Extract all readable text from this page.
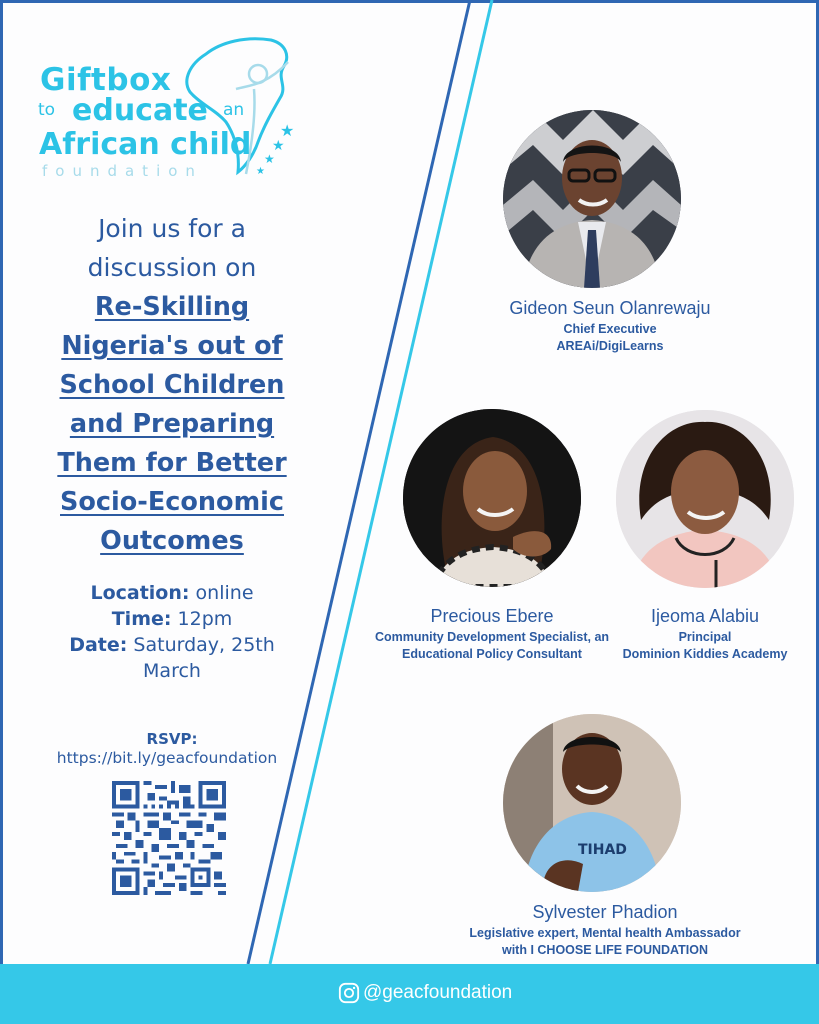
★
★
★
★
Giftbox
to educate an
African child
foundation
Join us for a
discussion on
Re-Skilling
Nigeria's out of
School Children
and Preparing
Them for Better
Socio-Economic
Outcomes
Location: online
Time: 12pm
Date: Saturday, 25th
March
RSVP:
https://bit.ly/geacfoundation
Gideon Seun Olanrewaju
Chief Executive
AREAi/DigiLearns
Precious Ebere
Community Development Specialist, an
Educational Policy Consultant
Ijeoma Alabiu
Principal
Dominion Kiddies Academy
TIHAD
Sylvester Phadion
Legislative expert, Mental health Ambassador
with I CHOOSE LIFE FOUNDATION
@geacfoundation
